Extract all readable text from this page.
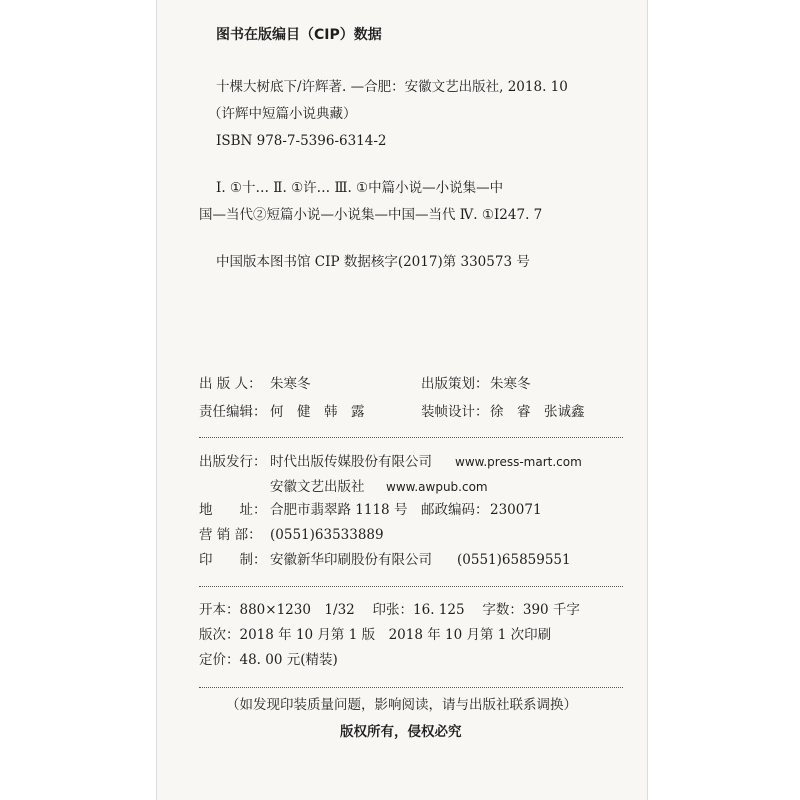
图书在版编目（CIP）数据
十棵大树底下/许辉著. —合肥：安徽文艺出版社, 2018. 10
（许辉中短篇小说典藏）
ISBN 978-7-5396-6314-2
Ⅰ. ①十… Ⅱ. ①许… Ⅲ. ①中篇小说—小说集—中
国—当代②短篇小说—小说集—中国—当代 Ⅳ. ①I247. 7
中国版本图书馆 CIP 数据核字(2017)第 330573 号
出 版 人： 朱寒冬	出版策划： 朱寒冬
责任编辑： 何　健　韩　露	装帧设计： 徐　睿　张诚鑫
出版发行： 时代出版传媒股份有限公司 www.press-mart.com
安徽文艺出版社 www.awpub.com
地　　址： 合肥市翡翠路 1118 号 邮政编码： 230071
营 销 部： (0551)63533889
印　　制： 安徽新华印刷股份有限公司 (0551)65859551
开本：880×1230　1/32　 印张：16. 125　 字数：390 千字
版次：2018 年 10 月第 1 版　2018 年 10 月第 1 次印刷
定价：48. 00 元(精装)
（如发现印装质量问题，影响阅读，请与出版社联系调换）
版权所有，侵权必究
